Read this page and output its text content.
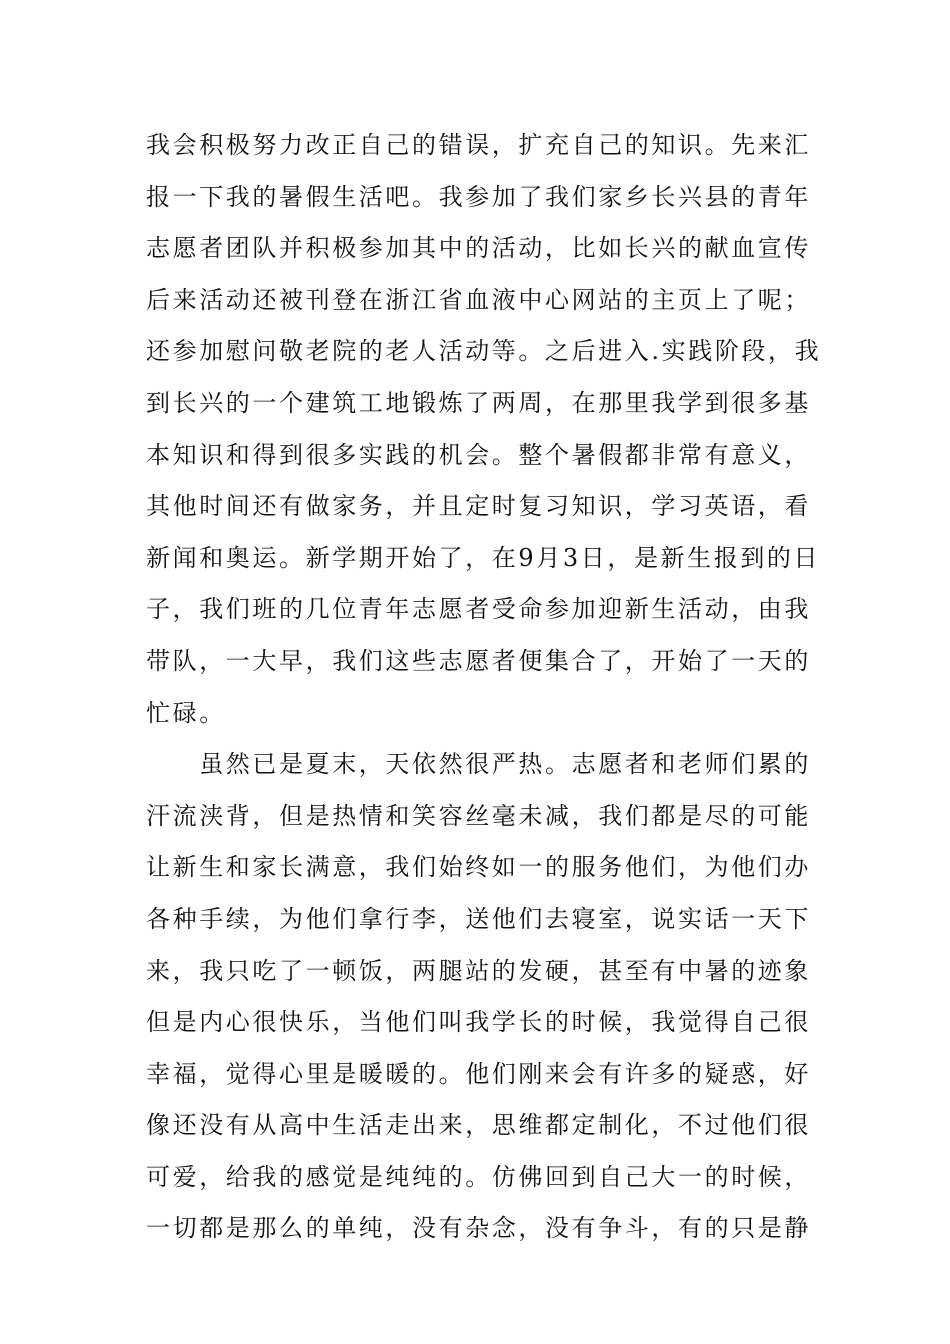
我会积极努力改正自己的错误，扩充自己的知识。先来汇
报一下我的暑假生活吧。我参加了我们家乡长兴县的青年
志愿者团队并积极参加其中的活动，比如长兴的献血宣传
后来活动还被刊登在浙江省血液中心网站的主页上了呢；
还参加慰问敬老院的老人活动等。之后进入.实践阶段，我
到长兴的一个建筑工地锻炼了两周，在那里我学到很多基
本知识和得到很多实践的机会。整个暑假都非常有意义，
其他时间还有做家务，并且定时复习知识，学习英语，看
新闻和奥运。新学期开始了，在9月3日，是新生报到的日
子，我们班的几位青年志愿者受命参加迎新生活动，由我
带队，一大早，我们这些志愿者便集合了，开始了一天的
忙碌。
　　虽然已是夏末，天依然很严热。志愿者和老师们累的
汗流浃背，但是热情和笑容丝毫未减，我们都是尽的可能
让新生和家长满意，我们始终如一的服务他们，为他们办
各种手续，为他们拿行李，送他们去寝室，说实话一天下
来，我只吃了一顿饭，两腿站的发硬，甚至有中暑的迹象
但是内心很快乐，当他们叫我学长的时候，我觉得自己很
幸福，觉得心里是暖暖的。他们刚来会有许多的疑惑，好
像还没有从高中生活走出来，思维都定制化，不过他们很
可爱，给我的感觉是纯纯的。仿佛回到自己大一的时候，
一切都是那么的单纯，没有杂念，没有争斗，有的只是静
